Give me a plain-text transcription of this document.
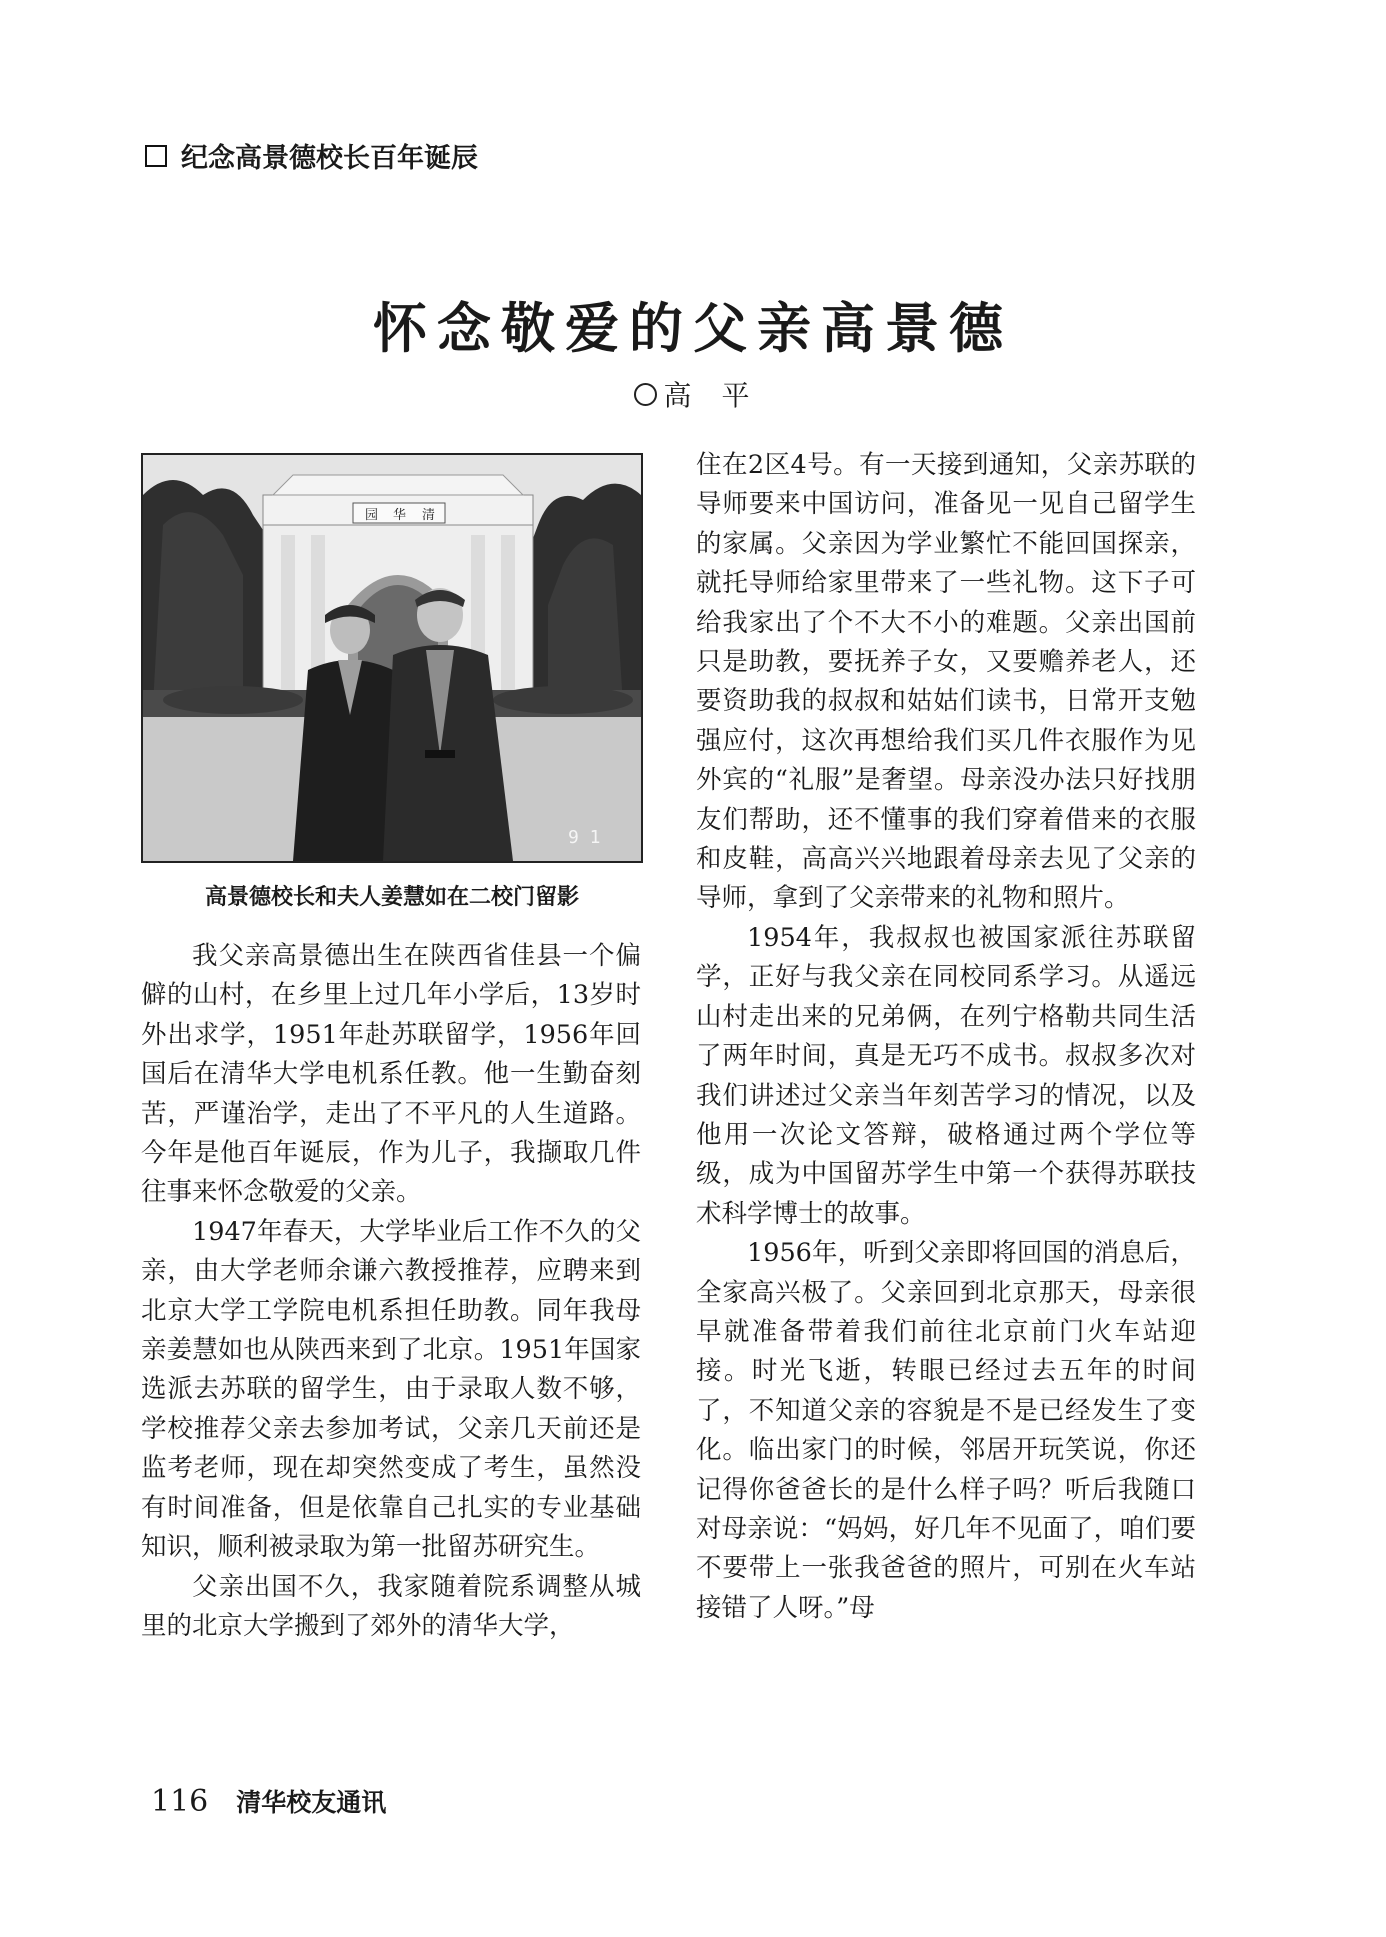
纪念高景德校长百年诞辰
怀念敬爱的父亲高景德
高 平
园 华 清
9 1
高景德校长和夫人姜慧如在二校门留影

我父亲高景德出生在陕西省佳县一个偏僻的山村，在乡里上过几年小学后，13岁时外出求学，1951年赴苏联留学，1956年回国后在清华大学电机系任教。他一生勤奋刻苦，严谨治学，走出了不平凡的人生道路。今年是他百年诞辰，作为儿子，我撷取几件往事来怀念敬爱的父亲。

1947年春天，大学毕业后工作不久的父亲，由大学老师余谦六教授推荐，应聘来到北京大学工学院电机系担任助教。同年我母亲姜慧如也从陕西来到了北京。1951年国家选派去苏联的留学生，由于录取人数不够，学校推荐父亲去参加考试，父亲几天前还是监考老师，现在却突然变成了考生，虽然没有时间准备，但是依靠自己扎实的专业基础知识，顺利被录取为第一批留苏研究生。

父亲出国不久，我家随着院系调整从城里的北京大学搬到了郊外的清华大学，

住在2区4号。有一天接到通知，父亲苏联的导师要来中国访问，准备见一见自己留学生的家属。父亲因为学业繁忙不能回国探亲，就托导师给家里带来了一些礼物。这下子可给我家出了个不大不小的难题。父亲出国前只是助教，要抚养子女，又要赡养老人，还要资助我的叔叔和姑姑们读书，日常开支勉强应付，这次再想给我们买几件衣服作为见外宾的“礼服”是奢望。母亲没办法只好找朋友们帮助，还不懂事的我们穿着借来的衣服和皮鞋，高高兴兴地跟着母亲去见了父亲的导师，拿到了父亲带来的礼物和照片。

1954年，我叔叔也被国家派往苏联留学，正好与我父亲在同校同系学习。从遥远山村走出来的兄弟俩，在列宁格勒共同生活了两年时间，真是无巧不成书。叔叔多次对我们讲述过父亲当年刻苦学习的情况，以及他用一次论文答辩，破格通过两个学位等级，成为中国留苏学生中第一个获得苏联技术科学博士的故事。

1956年，听到父亲即将回国的消息后，全家高兴极了。父亲回到北京那天，母亲很早就准备带着我们前往北京前门火车站迎接。时光飞逝，转眼已经过去五年的时间了，不知道父亲的容貌是不是已经发生了变化。临出家门的时候，邻居开玩笑说，你还记得你爸爸长的是什么样子吗？听后我随口对母亲说：“妈妈，好几年不见面了，咱们要不要带上一张我爸爸的照片，可别在火车站接错了人呀。”母

116 清华校友通讯
